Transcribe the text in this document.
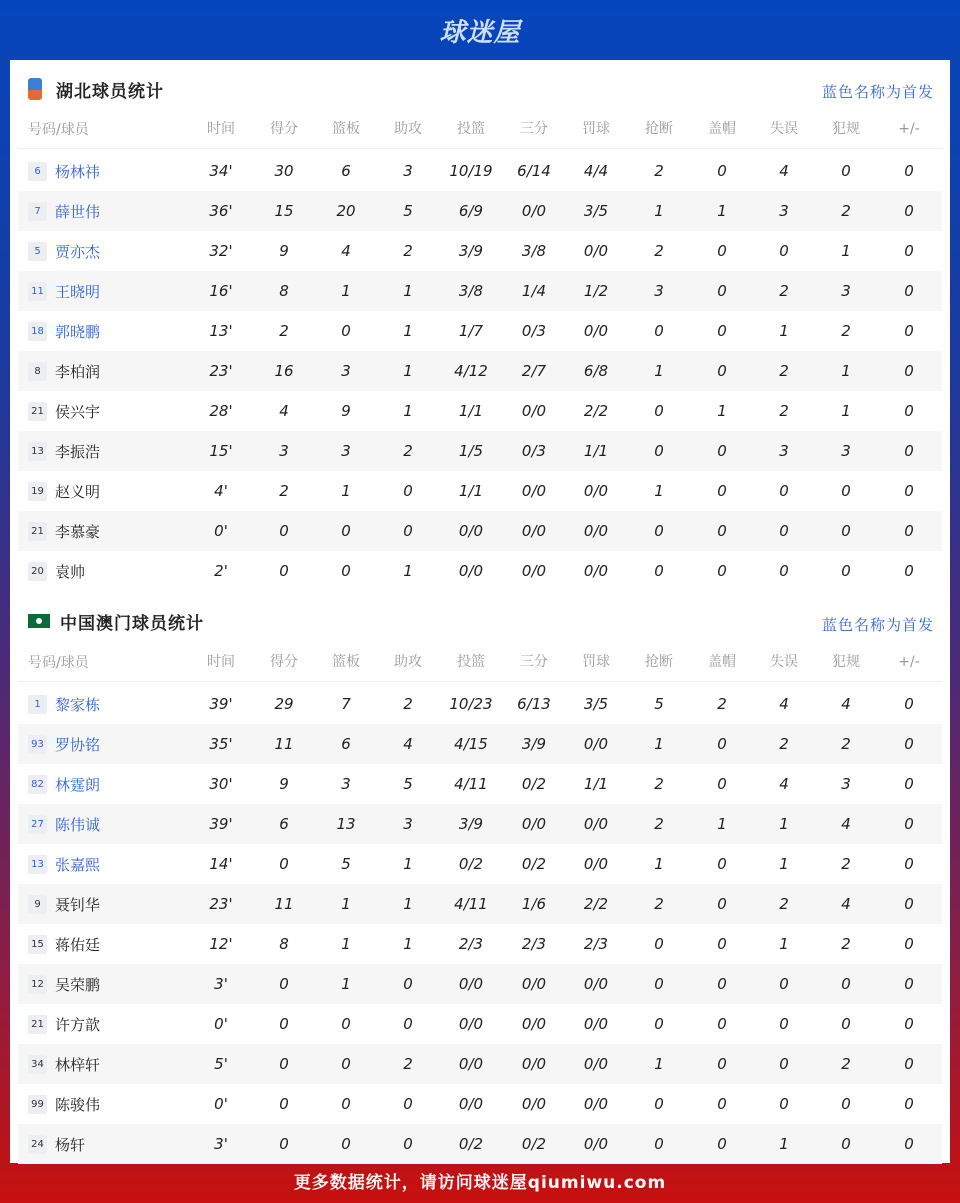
球迷屋
湖北球员统计	蓝色名称为首发
号码/球员	时间	得分	篮板	助攻	投篮	三分	罚球	抢断	盖帽	失误	犯规	+/-
6 杨林祎	34'	30	6	3	10/19	6/14	4/4	2	0	4	0	0
7 薛世伟	36'	15	20	5	6/9	0/0	3/5	1	1	3	2	0
5 贾亦杰	32'	9	4	2	3/9	3/8	0/0	2	0	0	1	0
11 王晓明	16'	8	1	1	3/8	1/4	1/2	3	0	2	3	0
18 郭晓鹏	13'	2	0	1	1/7	0/3	0/0	0	0	1	2	0
8 李柏润	23'	16	3	1	4/12	2/7	6/8	1	0	2	1	0
21 侯兴宇	28'	4	9	1	1/1	0/0	2/2	0	1	2	1	0
13 李振浩	15'	3	3	2	1/5	0/3	1/1	0	0	3	3	0
19 赵义明	4'	2	1	0	1/1	0/0	0/0	1	0	0	0	0
21 李慕豪	0'	0	0	0	0/0	0/0	0/0	0	0	0	0	0
20 袁帅	2'	0	0	1	0/0	0/0	0/0	0	0	0	0	0
中国澳门球员统计	蓝色名称为首发
号码/球员	时间	得分	篮板	助攻	投篮	三分	罚球	抢断	盖帽	失误	犯规	+/-
1 黎家栋	39'	29	7	2	10/23	6/13	3/5	5	2	4	4	0
93 罗协铭	35'	11	6	4	4/15	3/9	0/0	1	0	2	2	0
82 林霆朗	30'	9	3	5	4/11	0/2	1/1	2	0	4	3	0
27 陈伟诚	39'	6	13	3	3/9	0/0	0/0	2	1	1	4	0
13 张嘉熙	14'	0	5	1	0/2	0/2	0/0	1	0	1	2	0
9 聂钊华	23'	11	1	1	4/11	1/6	2/2	2	0	2	4	0
15 蒋佑廷	12'	8	1	1	2/3	2/3	2/3	0	0	1	2	0
12 吴荣鹏	3'	0	1	0	0/0	0/0	0/0	0	0	0	0	0
21 许方歆	0'	0	0	0	0/0	0/0	0/0	0	0	0	0	0
34 林梓轩	5'	0	0	2	0/0	0/0	0/0	1	0	0	2	0
99 陈骏伟	0'	0	0	0	0/0	0/0	0/0	0	0	0	0	0
24 杨轩	3'	0	0	0	0/2	0/2	0/0	0	0	1	0	0
更多数据统计，请访问球迷屋qiumiwu.com
